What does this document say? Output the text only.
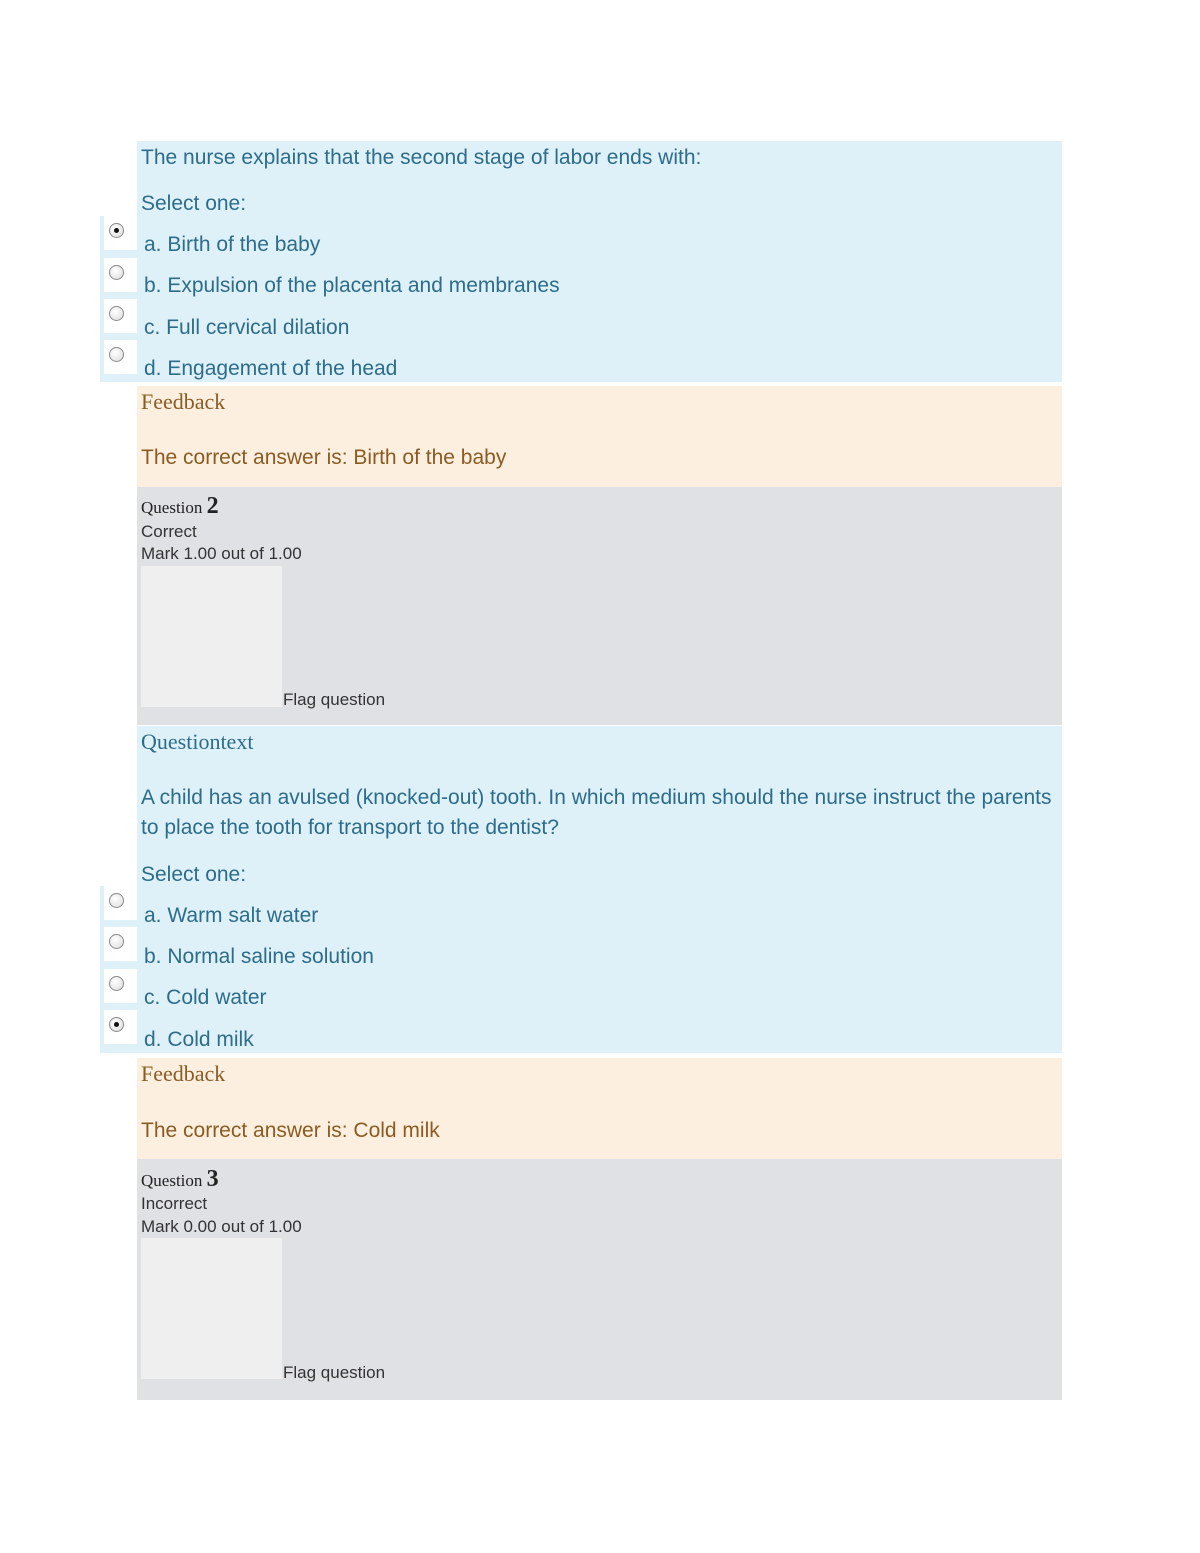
The nurse explains that the second stage of labor ends with:
Select one:
a. Birth of the baby
b. Expulsion of the placenta and membranes
c. Full cervical dilation
d. Engagement of the head
Feedback
The correct answer is: Birth of the baby
Question 2
Correct
Mark 1.00 out of 1.00
Flag question
Questiontext
A child has an avulsed (knocked-out) tooth. In which medium should the nurse instruct the parents to place the tooth for transport to the dentist?
Select one:
a. Warm salt water
b. Normal saline solution
c. Cold water
d. Cold milk
Feedback
The correct answer is: Cold milk
Question 3
Incorrect
Mark 0.00 out of 1.00
Flag question
